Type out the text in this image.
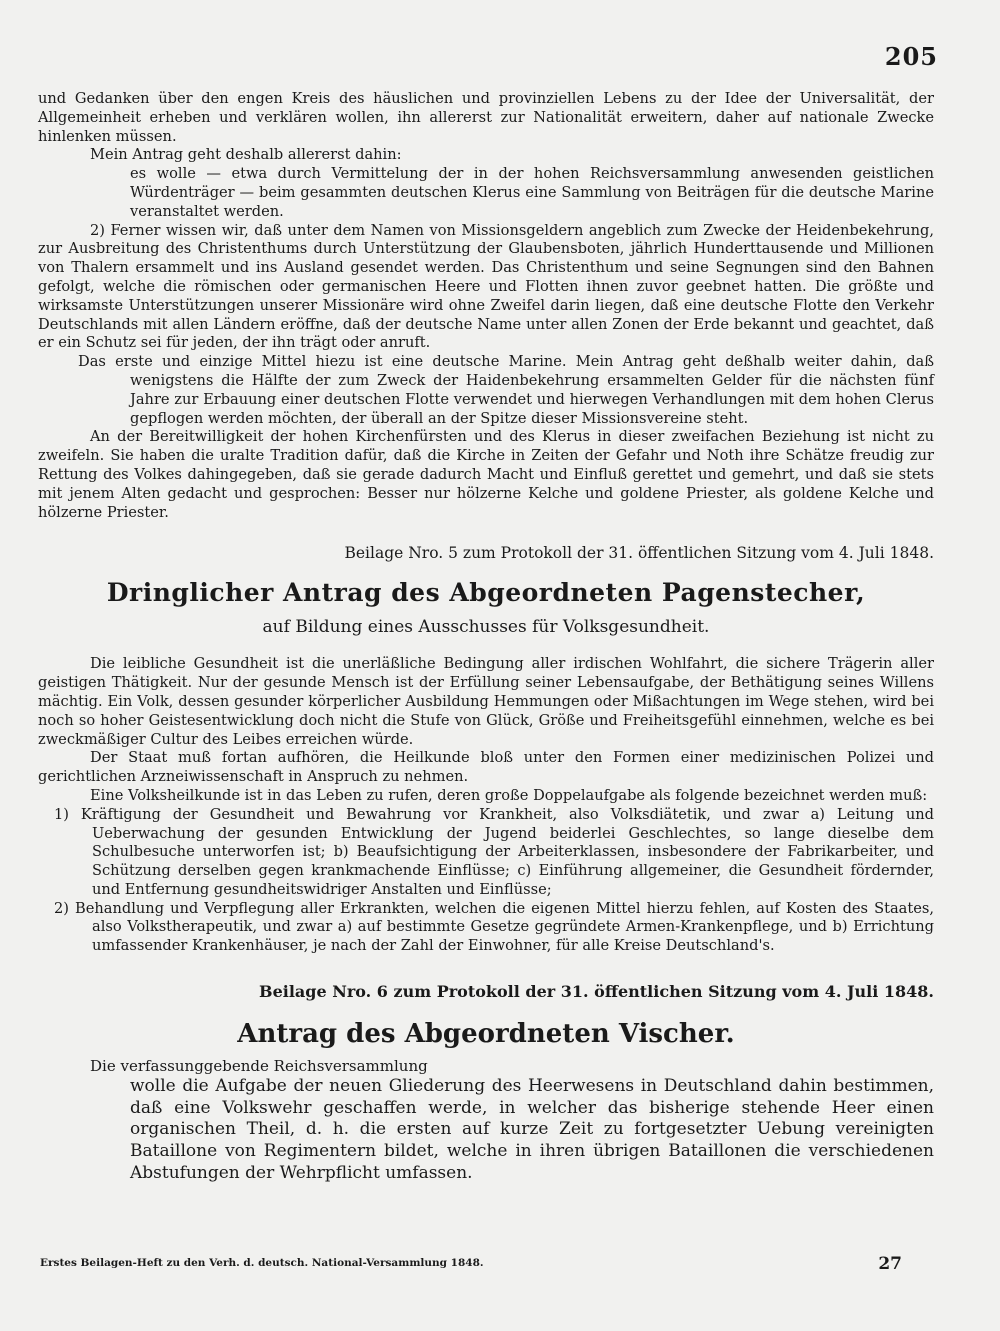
205

und Gedanken über den engen Kreis des häuslichen und provinziellen Lebens zu der Idee der Universalität, der Allgemeinheit erheben und verklären wollen, ihn allererst zur Nationalität erweitern, daher auf nationale Zwecke hinlenken müssen.

Mein Antrag geht deshalb allererst dahin:

es wolle — etwa durch Vermittelung der in der hohen Reichsversammlung anwesenden geistlichen Würdenträger — beim gesammten deutschen Klerus eine Sammlung von Beiträgen für die deutsche Marine veranstaltet werden.

2) Ferner wissen wir, daß unter dem Namen von Missionsgeldern angeblich zum Zwecke der Heidenbekehrung, zur Ausbreitung des Christenthums durch Unterstützung der Glaubensboten, jährlich Hunderttausende und Millionen von Thalern ersammelt und ins Ausland gesendet werden. Das Christenthum und seine Segnungen sind den Bahnen gefolgt, welche die römischen oder germanischen Heere und Flotten ihnen zuvor geebnet hatten. Die größte und wirksamste Unterstützungen unserer Missionäre wird ohne Zweifel darin liegen, daß eine deutsche Flotte den Verkehr Deutschlands mit allen Ländern eröffne, daß der deutsche Name unter allen Zonen der Erde bekannt und geachtet, daß er ein Schutz sei für jeden, der ihn trägt oder anruft.

Das erste und einzige Mittel hiezu ist eine deutsche Marine. Mein Antrag geht deßhalb weiter dahin, daß wenigstens die Hälfte der zum Zweck der Haidenbekehrung ersammelten Gelder für die nächsten fünf Jahre zur Erbauung einer deutschen Flotte verwendet und hierwegen Verhandlungen mit dem hohen Clerus gepflogen werden möchten, der überall an der Spitze dieser Missionsvereine steht.

An der Bereitwilligkeit der hohen Kirchenfürsten und des Klerus in dieser zweifachen Beziehung ist nicht zu zweifeln. Sie haben die uralte Tradition dafür, daß die Kirche in Zeiten der Gefahr und Noth ihre Schätze freudig zur Rettung des Volkes dahingegeben, daß sie gerade dadurch Macht und Einfluß gerettet und gemehrt, und daß sie stets mit jenem Alten gedacht und gesprochen: Besser nur hölzerne Kelche und goldene Priester, als goldene Kelche und hölzerne Priester.

Beilage Nro. 5 zum Protokoll der 31. öffentlichen Sitzung vom 4. Juli 1848.
Dringlicher Antrag des Abgeordneten Pagenstecher,
auf Bildung eines Ausschusses für Volksgesundheit.

Die leibliche Gesundheit ist die unerläßliche Bedingung aller irdischen Wohlfahrt, die sichere Trägerin aller geistigen Thätigkeit. Nur der gesunde Mensch ist der Erfüllung seiner Lebensaufgabe, der Bethätigung seines Willens mächtig. Ein Volk, dessen gesunder körperlicher Ausbildung Hemmungen oder Mißachtungen im Wege stehen, wird bei noch so hoher Geistesentwicklung doch nicht die Stufe von Glück, Größe und Freiheitsgefühl einnehmen, welche es bei zweckmäßiger Cultur des Leibes erreichen würde.

Der Staat muß fortan aufhören, die Heilkunde bloß unter den Formen einer medizinischen Polizei und gerichtlichen Arzneiwissenschaft in Anspruch zu nehmen.

Eine Volksheilkunde ist in das Leben zu rufen, deren große Doppelaufgabe als folgende bezeichnet werden muß:

1) Kräftigung der Gesundheit und Bewahrung vor Krankheit, also Volksdiätetik, und zwar a) Leitung und Ueberwachung der gesunden Entwicklung der Jugend beiderlei Geschlechtes, so lange dieselbe dem Schulbesuche unterworfen ist; b) Beaufsichtigung der Arbeiterklassen, insbesondere der Fabrikarbeiter, und Schützung derselben gegen krankmachende Einflüsse; c) Einführung allgemeiner, die Gesundheit fördernder, und Entfernung gesundheitswidriger Anstalten und Einflüsse;

2) Behandlung und Verpflegung aller Erkrankten, welchen die eigenen Mittel hierzu fehlen, auf Kosten des Staates, also Volkstherapeutik, und zwar a) auf bestimmte Gesetze gegründete Armen-Krankenpflege, und b) Errichtung umfassender Krankenhäuser, je nach der Zahl der Einwohner, für alle Kreise Deutschland's.

Beilage Nro. 6 zum Protokoll der 31. öffentlichen Sitzung vom 4. Juli 1848.
Antrag des Abgeordneten Vischer.

Die verfassunggebende Reichsversammlung

wolle die Aufgabe der neuen Gliederung des Heerwesens in Deutschland dahin bestimmen, daß eine Volkswehr geschaffen werde, in welcher das bisherige stehende Heer einen organischen Theil, d. h. die ersten auf kurze Zeit zu fortgesetzter Uebung vereinigten Bataillone von Regimentern bildet, welche in ihren übrigen Bataillonen die verschiedenen Abstufungen der Wehrpflicht umfassen.

Erstes Beilagen-Heft zu den Verh. d. deutsch. National-Versammlung 1848.	27
